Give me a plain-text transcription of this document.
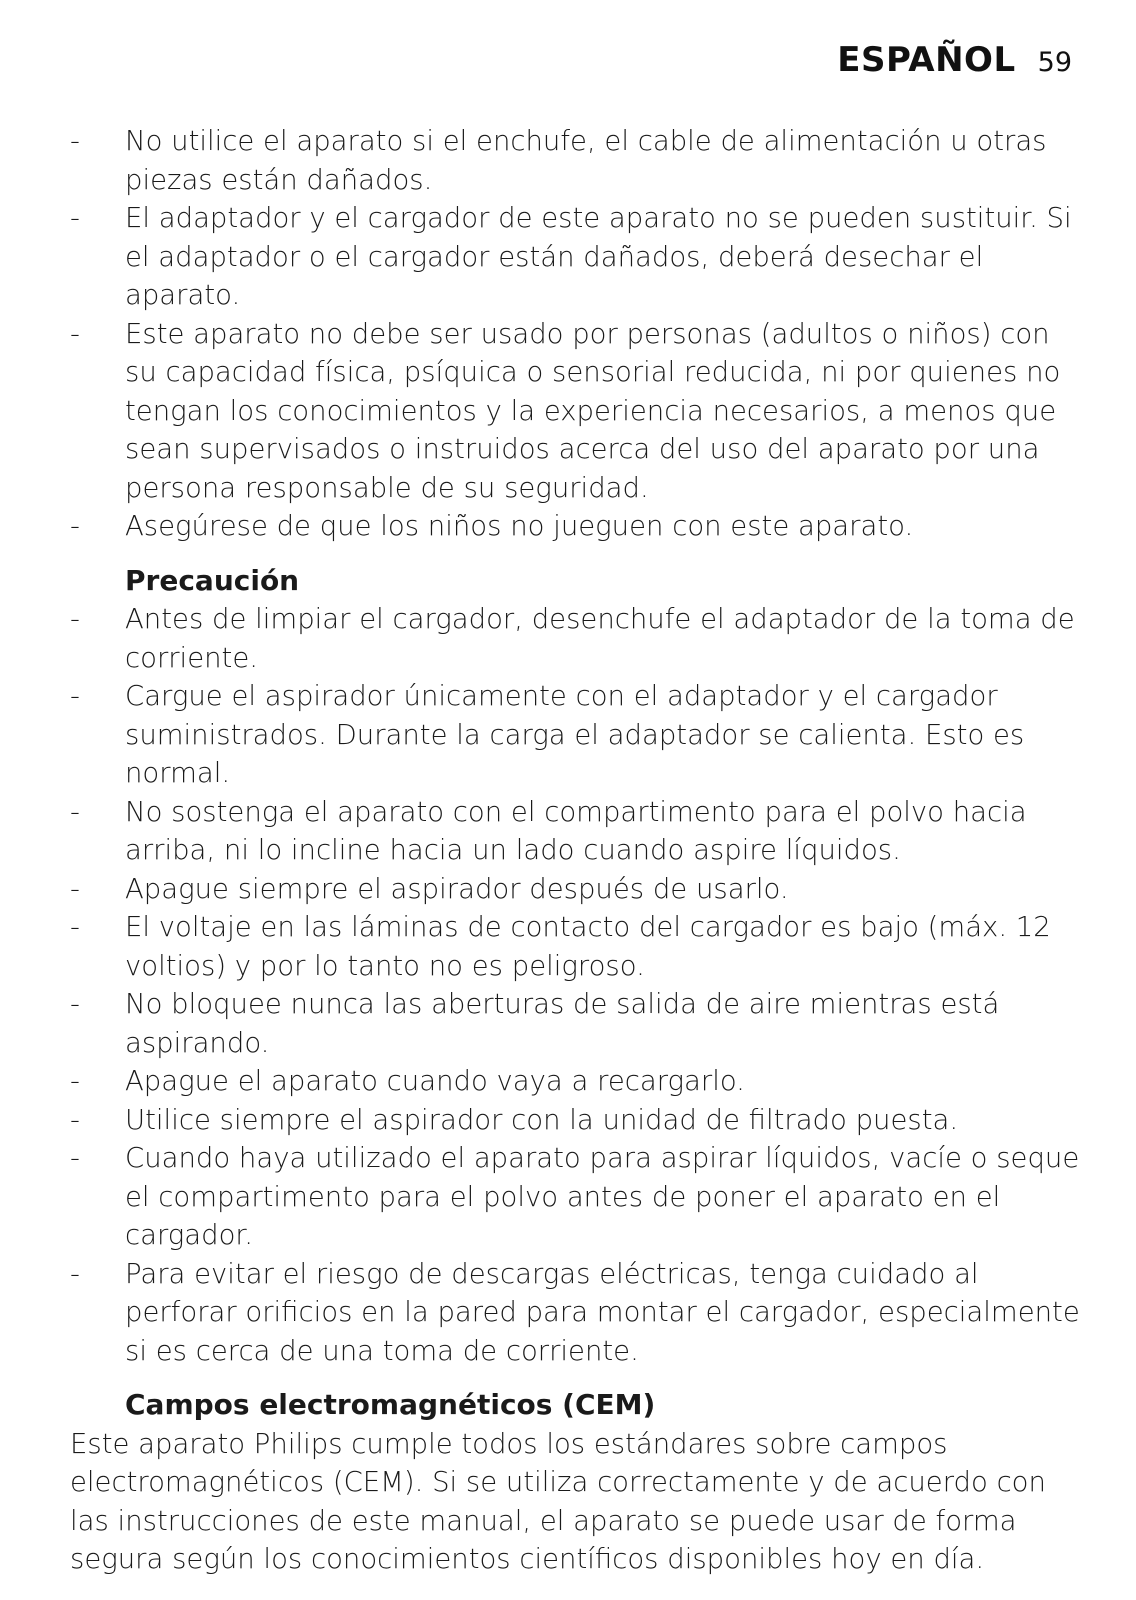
ESPAÑOL 59
-	No utilice el aparato si el enchufe, el cable de alimentación u otras piezas están dañados.
-	El adaptador y el cargador de este aparato no se pueden sustituir. Si el adaptador o el cargador están dañados, deberá desechar el aparato.
-	Este aparato no debe ser usado por personas (adultos o niños) con su capacidad física, psíquica o sensorial reducida, ni por quienes no tengan los conocimientos y la experiencia necesarios, a menos que sean supervisados o instruidos acerca del uso del aparato por una persona responsable de su seguridad.
-	Asegúrese de que los niños no jueguen con este aparato.
Precaución
-	Antes de limpiar el cargador, desenchufe el adaptador de la toma de corriente.
-	Cargue el aspirador únicamente con el adaptador y el cargador suministrados. Durante la carga el adaptador se calienta. Esto es normal.
-	No sostenga el aparato con el compartimento para el polvo hacia arriba, ni lo incline hacia un lado cuando aspire líquidos.
-	Apague siempre el aspirador después de usarlo.
-	El voltaje en las láminas de contacto del cargador es bajo (máx. 12 voltios) y por lo tanto no es peligroso.
-	No bloquee nunca las aberturas de salida de aire mientras está aspirando.
-	Apague el aparato cuando vaya a recargarlo.
-	Utilice siempre el aspirador con la unidad de filtrado puesta.
-	Cuando haya utilizado el aparato para aspirar líquidos, vacíe o seque el compartimento para el polvo antes de poner el aparato en el cargador.
-	Para evitar el riesgo de descargas eléctricas, tenga cuidado al perforar orificios en la pared para montar el cargador, especialmente si es cerca de una toma de corriente.
Campos electromagnéticos (CEM)

Este aparato Philips cumple todos los estándares sobre campos electromagnéticos (CEM). Si se utiliza correctamente y de acuerdo con las instrucciones de este manual, el aparato se puede usar de forma segura según los conocimientos científicos disponibles hoy en día.
